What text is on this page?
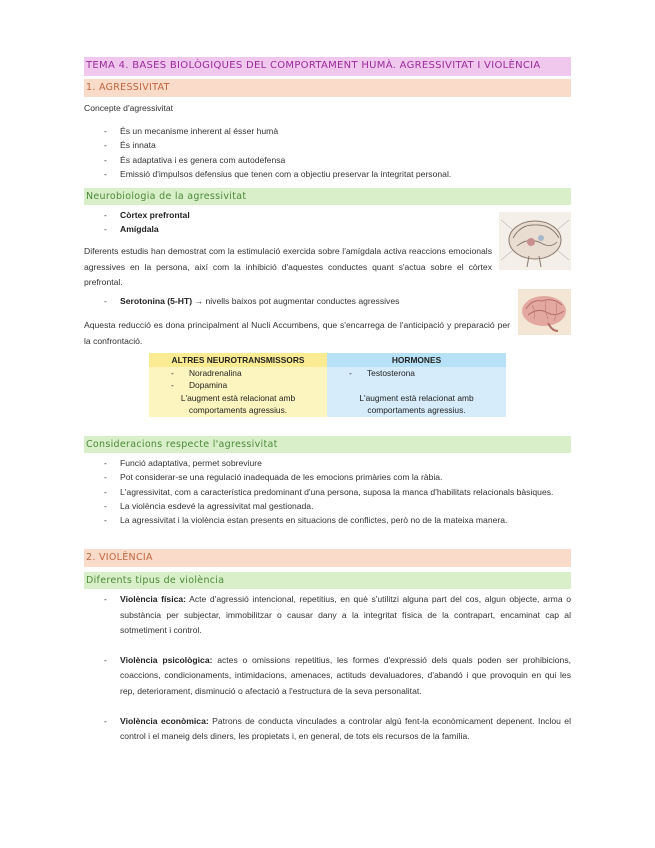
TEMA 4. BASES BIOLÒGIQUES DEL COMPORTAMENT HUMÀ. AGRESSIVITAT I VIOLÈNCIA
1. AGRESSIVITAT
Concepte d'agressivitat
- És un mecanisme inherent al ésser humà
- És innata
- És adaptativa i es genera com autodefensa
- Emissió d'impulsos defensius que tenen com a objectiu preservar la integritat personal.
Neurobiologia de la agressivitat
- Còrtex prefrontal
- Amígdala
Diferents estudis han demostrat com la estimulació exercida sobre l'amígdala activa reaccions emocionals agressives en la persona, així com la inhibició d'aquestes conductes quant s'actua sobre el còrtex prefrontal.
- Serotonina (5-HT) → nivells baixos pot augmentar conductes agressives
Aquesta reducció es dona principalment al Nucli Accumbens, que s'encarrega de l'anticipació y preparació per la confrontació.
ALTRES NEUROTRANSMISSORS
- Noradrenalina
- Dopamina
L'augment està relacionat amb comportaments agressius.
HORMONES
- Testosterona
L'augment està relacionat amb comportaments agressius.
Consideracions respecte l'agressivitat
- Funció adaptativa, permet sobreviure
- Pot considerar-se una regulació inadequada de les emocions primàries com la ràbia.
- L'agressivitat, com a característica predominant d'una persona, suposa la manca d'habilitats relacionals bàsiques.
- La violència esdevé la agressivitat mal gestionada.
- La agressivitat i la violència estan presents en situacions de conflictes, però no de la mateixa manera.
2. VIOLÈNCIA
Diferents tipus de violència
- Violència física: Acte d'agressió intencional, repetitius, en què s'utilitzi alguna part del cos, algun objecte, arma o substància per subjectar, immobilitzar o causar dany a la integritat física de la contrapart, encaminat cap al sotmetiment i control.
- Violència psicològica: actes o omissions repetitius, les formes d'expressió dels quals poden ser prohibicions, coaccions, condicionaments, intimidacions, amenaces, actituds devaluadores, d'abandó i que provoquin en qui les rep, deteriorament, disminució o afectació a l'estructura de la seva personalitat.
- Violència econòmica: Patrons de conducta vinculades a controlar algú fent-la econòmicament depenent. Inclou el control i el maneig dels diners, les propietats i, en general, de tots els recursos de la família.
